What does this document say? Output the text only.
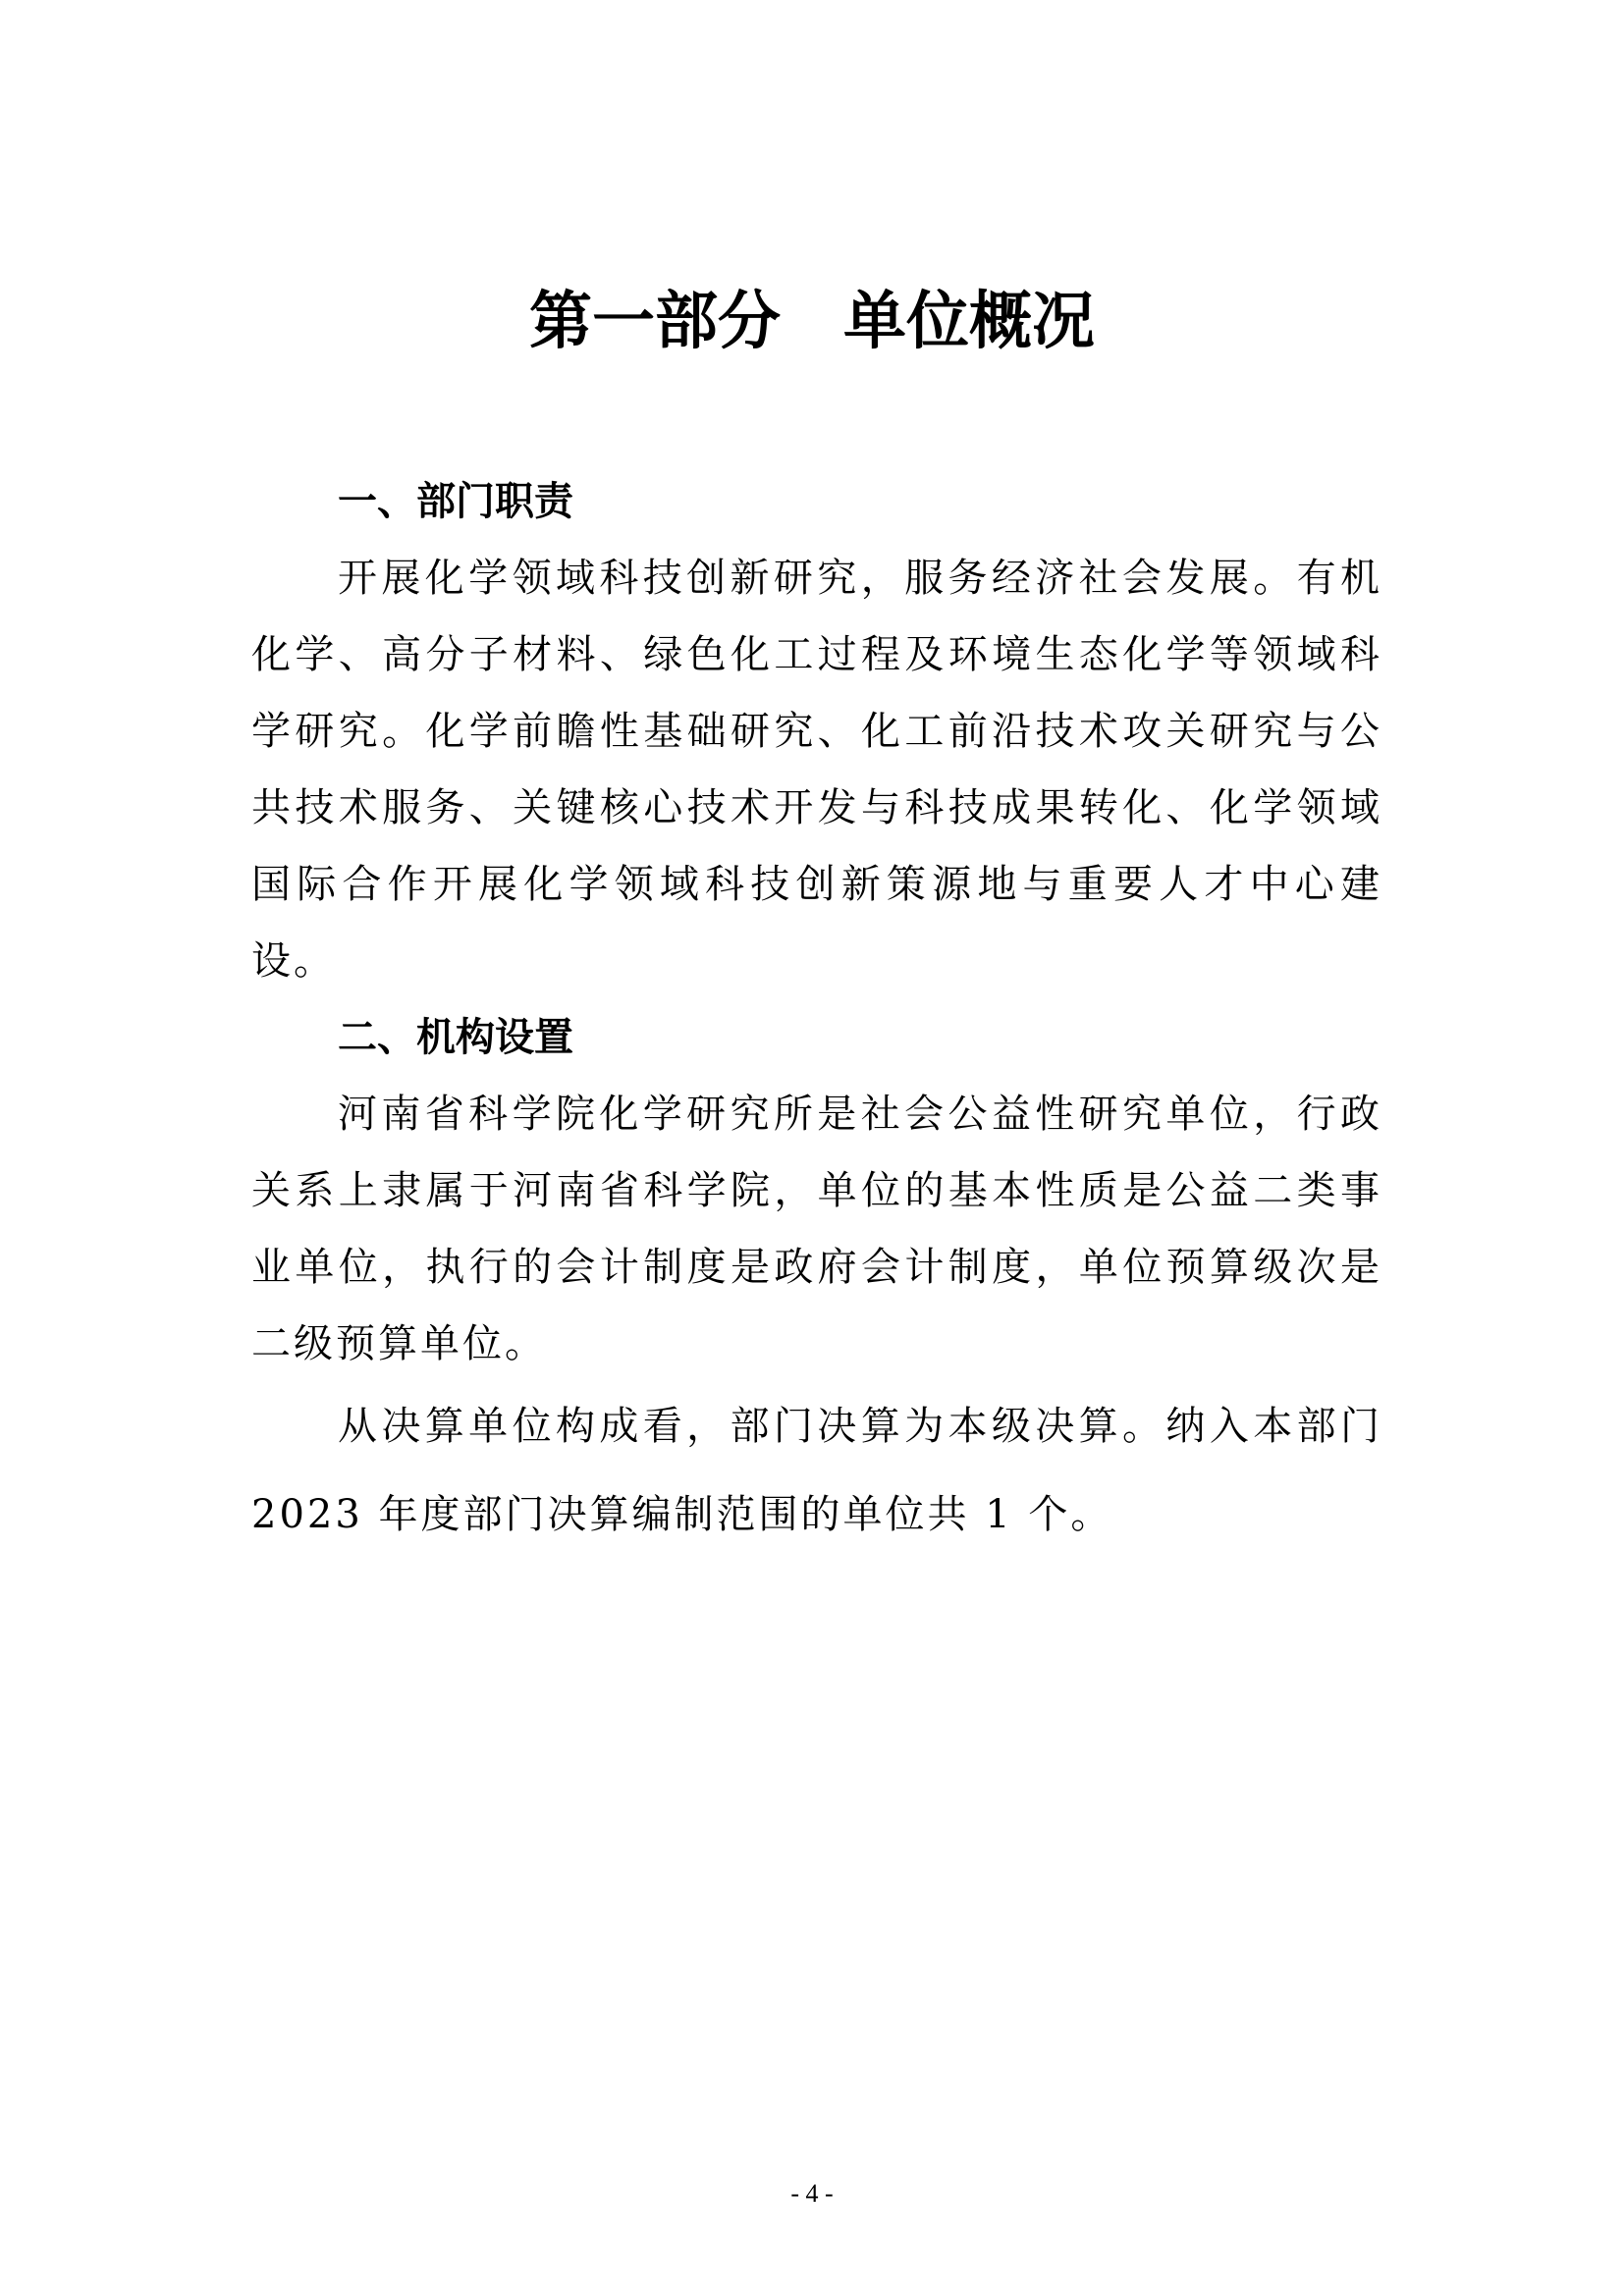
第一部分　单位概况
一、部门职责

开展化学领域科技创新研究，服务经济社会发展。有机化学、高分子材料、绿色化工过程及环境生态化学等领域科学研究。化学前瞻性基础研究、化工前沿技术攻关研究与公共技术服务、关键核心技术开发与科技成果转化、化学领域国际合作开展化学领域科技创新策源地与重要人才中心建设。

二、机构设置

河南省科学院化学研究所是社会公益性研究单位，行政关系上隶属于河南省科学院，单位的基本性质是公益二类事业单位，执行的会计制度是政府会计制度，单位预算级次是二级预算单位。

从决算单位构成看，部门决算为本级决算。纳入本部门2023 年度部门决算编制范围的单位共 1 个。

- 4 -
